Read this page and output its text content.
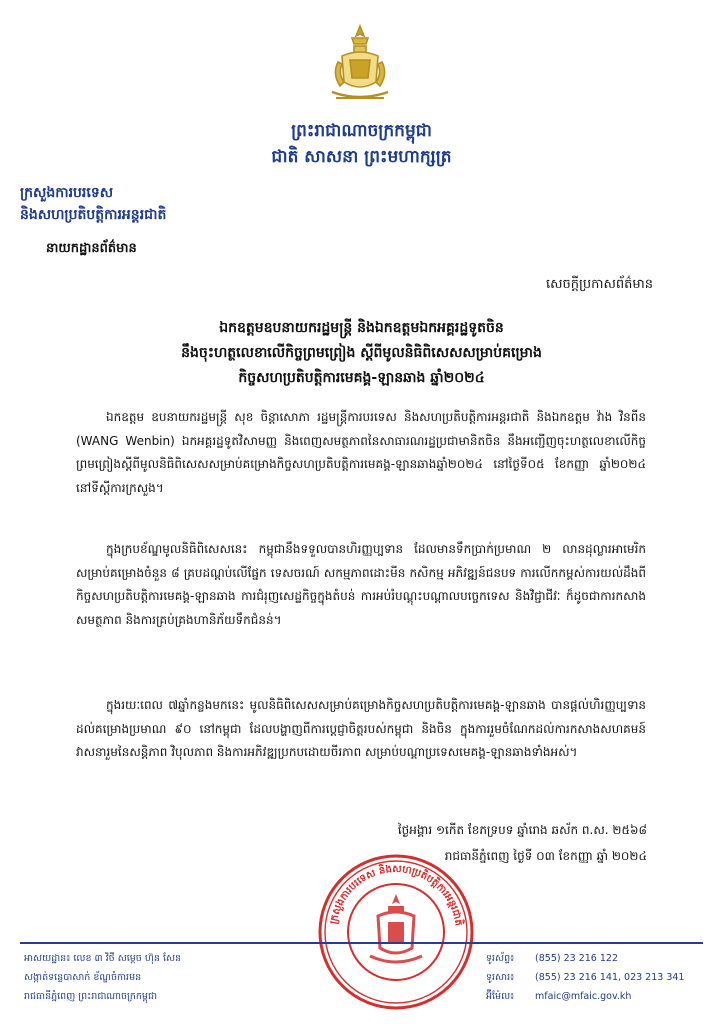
ព្រះរាជាណាចក្រកម្ពុជា
ជាតិ សាសនា ព្រះមហាក្សត្រ
ក្រសួងការបរទេស
និងសហប្រតិបត្តិការអន្តរជាតិ
នាយកដ្ឋានព័ត៌មាន
សេចក្តីប្រកាសព័ត៌មាន
ឯកឧត្តមឧបនាយករដ្ឋមន្ត្រី និងឯកឧត្តមឯកអគ្គរដ្ឋទូតចិន
នឹងចុះហត្ថលេខាលើកិច្ចព្រមព្រៀង ស្តីពីមូលនិធិពិសេសសម្រាប់គម្រោង
កិច្ចសហប្រតិបត្តិការមេគង្គ-ឡានឆាង ឆ្នាំ២០២៤
ឯកឧត្តម ឧបនាយករដ្ឋមន្ត្រី សុខ ចិន្តាសោភា រដ្ឋមន្ត្រីការបរទេស និងសហប្រតិបត្តិការអន្តរជាតិ និងឯកឧត្តម វ៉ាង វិនពីន (WANG Wenbin) ឯកអគ្គរដ្ឋទូតវិសាមញ្ញ និងពេញសមត្ថភាពនៃសាធារណរដ្ឋប្រជាមានិតចិន នឹងអញ្ជើញចុះហត្ថលេខាលើកិច្ចព្រមព្រៀងស្តីពីមូលនិធិពិសេសសម្រាប់គម្រោងកិច្ចសហប្រតិបត្តិការមេគង្គ-ឡានឆាងឆ្នាំ២០២៤ នៅថ្ងៃទី០៥ ខែកញ្ញា ឆ្នាំ២០២៤ នៅទីស្តីការក្រសួង។
ក្នុងក្របខ័ណ្ឌមូលនិធិពិសេសនេះ កម្ពុជានឹងទទួលបានហិរញ្ញប្បទាន ដែលមានទឹកប្រាក់ប្រមាណ ២ លានដុល្លារអាមេរិក សម្រាប់គម្រោងចំនួន ៨ គ្របដណ្តប់លើផ្នែក ទេសចរណ៍ សកម្មភាពដោះមីន កសិកម្ម អភិវឌ្ឍន៍ជនបទ ការលើកកម្ពស់ការយល់ដឹងពីកិច្ចសហប្រតិបត្តិការមេគង្គ-ឡានឆាង ការជំរុញសេដ្ឋកិច្ចក្នុងតំបន់ ការអប់រំបណ្តុះបណ្តាលបច្ចេកទេស និងវិជ្ជាជីវៈ ក៏ដូចជាការកសាងសមត្ថភាព និងការគ្រប់គ្រងហានិភ័យទឹកជំនន់។
ក្នុងរយៈពេល ៧ឆ្នាំកន្លងមកនេះ មូលនិធិពិសេសសម្រាប់គម្រោងកិច្ចសហប្រតិបត្តិការមេគង្គ-ឡានឆាង បានផ្តល់ហិរញ្ញប្បទានដល់គម្រោងប្រមាណ ៩០ នៅកម្ពុជា ដែលបង្ហាញពីការប្តេជ្ញាចិត្តរបស់កម្ពុជា និងចិន ក្នុងការរួមចំណែកដល់ការកសាងសហគមន៍វាសនារួមនៃសន្តិភាព វិបុលភាព និងការអភិវឌ្ឍប្រកបដោយចីរភាព សម្រាប់បណ្តាប្រទេសមេគង្គ-ឡានឆាងទាំងអស់។
ថ្ងៃអង្គារ ១កើត ខែភទ្របទ ឆ្នាំរោង ឆស័ក ព.ស. ២៥៦៨
រាជធានីភ្នំពេញ ថ្ងៃទី ០៣ ខែកញ្ញា ឆ្នាំ ២០២៤
ក្រសួងការបរទេស និងសហប្រតិបត្តិការអន្តរជាតិ
អាសយដ្ឋាន៖ លេខ ៣ វិថី សម្តេច ហ៊ុន សែន
សង្កាត់ទន្លេបាសាក់ ខ័ណ្ឌចំការមន
រាជធានីភ្នំពេញ ព្រះរាជាណាចក្រកម្ពុជា
ទូរស័ព្ទ៖ (855) 23 216 122
ទូរសារ៖ (855) 23 216 141, 023 213 341
អ៊ីម៉ែល៖ mfaic@mfaic.gov.kh
